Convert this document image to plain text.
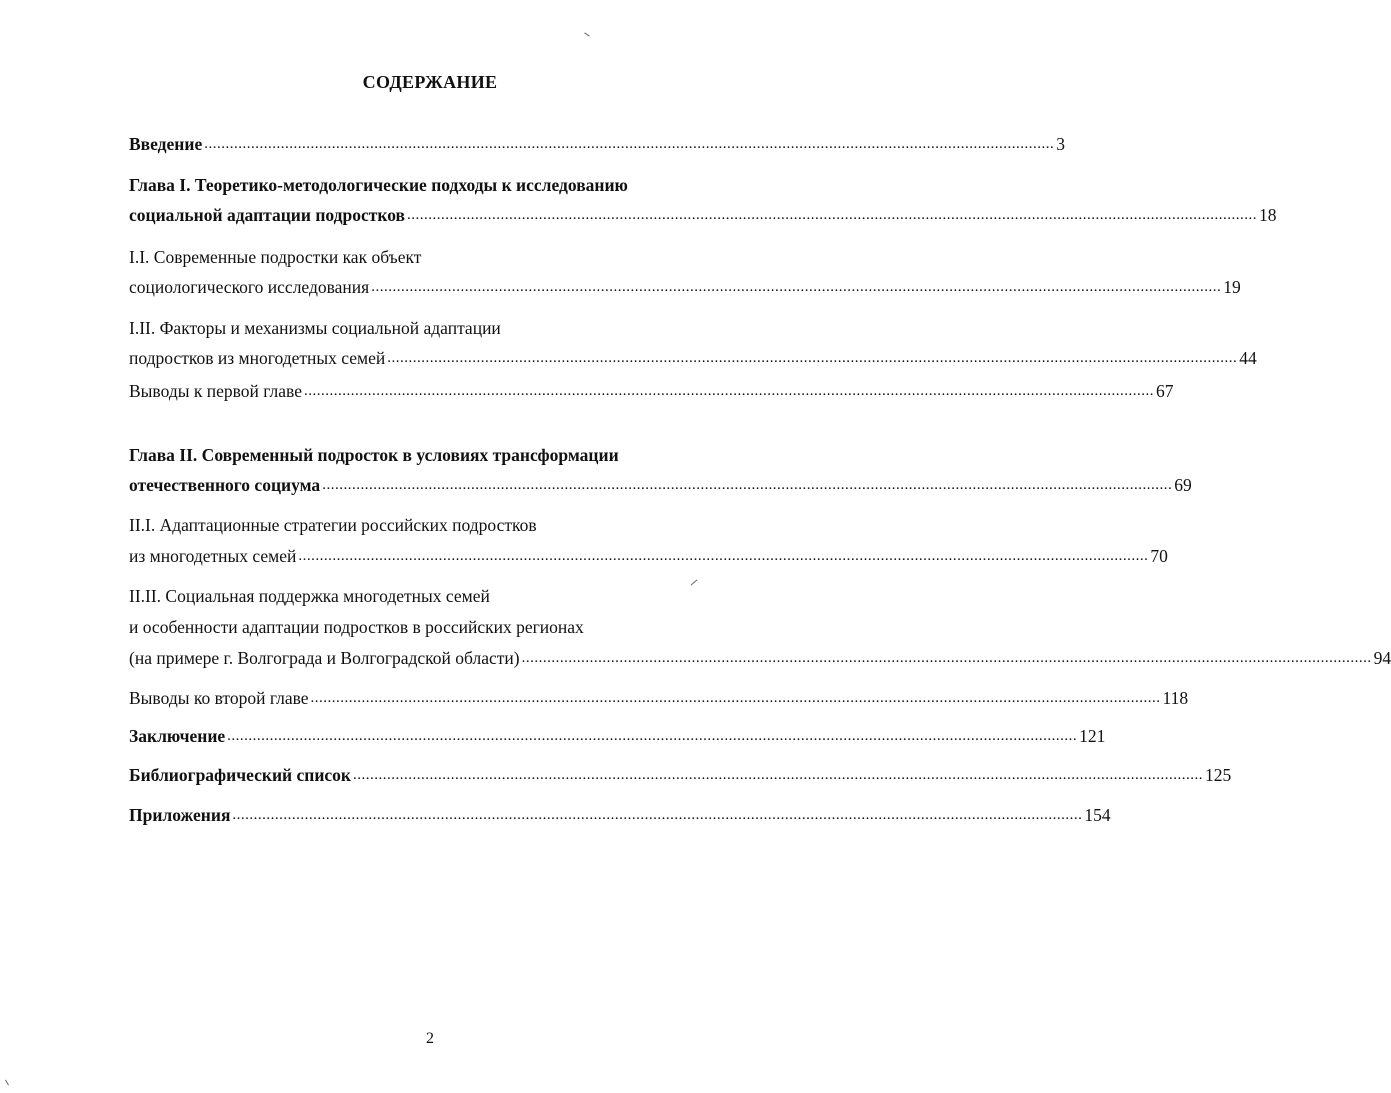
СОДЕРЖАНИЕ
Введение ........................................................................................................................................................................................................ 3
Глава I. Теоретико-методологические подходы к исследованию
социальной адаптации подростков ........................................................................................................................................................................................................ 18
I.I. Современные подростки как объект
социологического исследования ........................................................................................................................................................................................................ 19
I.II. Факторы и механизмы социальной адаптации
подростков из многодетных семей ........................................................................................................................................................................................................ 44
Выводы к первой главе ........................................................................................................................................................................................................ 67
Глава II. Современный подросток в условиях трансформации
отечественного социума ........................................................................................................................................................................................................ 69
II.I. Адаптационные стратегии российских подростков
из многодетных семей ........................................................................................................................................................................................................ 70
II.II. Социальная поддержка многодетных семей
и особенности адаптации подростков в российских регионах
(на примере г. Волгограда и Волгоградской области) ........................................................................................................................................................................................................ 94
Выводы ко второй главе ........................................................................................................................................................................................................ 118
Заключение ........................................................................................................................................................................................................ 121
Библиографический список ........................................................................................................................................................................................................ 125
Приложения ........................................................................................................................................................................................................ 154
2
